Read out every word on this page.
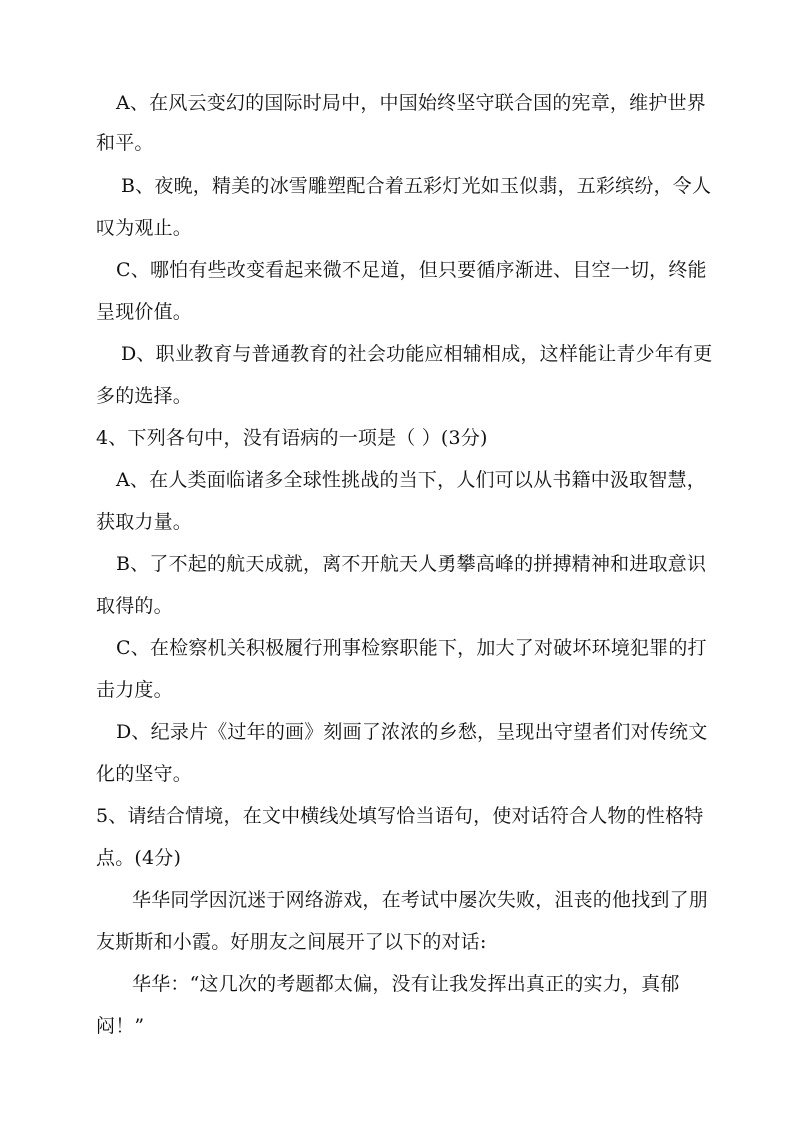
A、在风云变幻的国际时局中，中国始终坚守联合国的宪章，维护世界
和平。
B、夜晚，精美的冰雪雕塑配合着五彩灯光如玉似翡，五彩缤纷，令人
叹为观止。
C、哪怕有些改变看起来微不足道，但只要循序渐进、目空一切，终能
呈现价值。
D、职业教育与普通教育的社会功能应相辅相成，这样能让青少年有更
多的选择。
4、下列各句中，没有语病的一项是（ ）(3分)
A、在人类面临诸多全球性挑战的当下，人们可以从书籍中汲取智慧，
获取力量。
B、了不起的航天成就，离不开航天人勇攀高峰的拼搏精神和进取意识
取得的。
C、在检察机关积极履行刑事检察职能下，加大了对破坏环境犯罪的打
击力度。
D、纪录片《过年的画》刻画了浓浓的乡愁，呈现出守望者们对传统文
化的坚守。
5、请结合情境，在文中横线处填写恰当语句，使对话符合人物的性格特
点。(4分)
华华同学因沉迷于网络游戏，在考试中屡次失败，沮丧的他找到了朋
友斯斯和小霞。好朋友之间展开了以下的对话:
华华：“这几次的考题都太偏，没有让我发挥出真正的实力，真郁
闷！”
